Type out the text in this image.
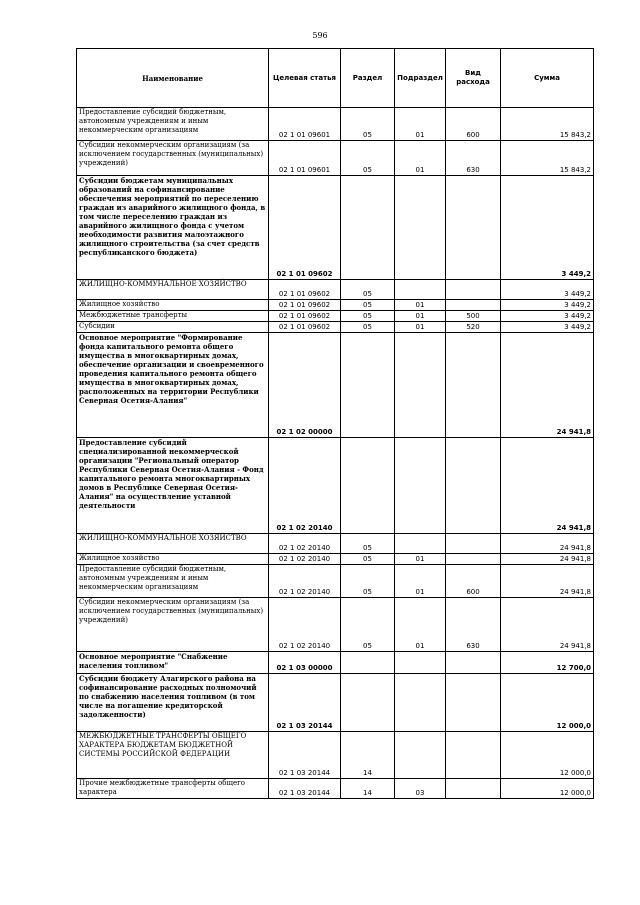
596
Наименование	Целевая статья	Раздел	Подраздел	Вид расхода	Сумма
Предоставление субсидий бюджетным, автономным учреждениям и иным некоммерческим организациям	02 1 01 09601	05	01	600	15 843,2
Субсидии некоммерческим организациям (за исключением государственных (муниципальных) учреждений)	02 1 01 09601	05	01	630	15 843,2
Субсидии бюджетам муниципальных образований на софинансирование обеспечения мероприятий по переселению граждан из аварийного жилищного фонда, в том числе переселению граждан из аварийного жилищного фонда с учетом необходимости развития малоэтажного жилищного строительства (за счет средств республиканского бюджета)	02 1 01 09602				3 449,2
ЖИЛИЩНО-КОММУНАЛЬНОЕ ХОЗЯЙСТВО	02 1 01 09602	05			3 449,2
Жилищное хозяйство	02 1 01 09602	05	01		3 449,2
Межбюджетные трансферты	02 1 01 09602	05	01	500	3 449,2
Субсидии	02 1 01 09602	05	01	520	3 449,2
Основное мероприятие "Формирование фонда капитального ремонта общего имущества в многоквартирных домах, обеспечение организации и своевременного проведения капитального ремонта общего имущества в многоквартирных домах, расположенных на территории Республики Северная Осетия-Алания"	02 1 02 00000				24 941,8
Предоставление субсидий специализированной некоммерческой организации "Региональный оператор Республики Северная Осетия-Алания - Фонд капитального ремонта многоквартирных домов в Республике Северная Осетия-Алания" на осуществление уставной деятельности	02 1 02 20140				24 941,8
ЖИЛИЩНО-КОММУНАЛЬНОЕ ХОЗЯЙСТВО	02 1 02 20140	05			24 941,8
Жилищное хозяйство	02 1 02 20140	05	01		24 941,8
Предоставление субсидий бюджетным, автономным учреждениям и иным некоммерческим организациям	02 1 02 20140	05	01	600	24 941,8
Субсидии некоммерческим организациям (за исключением государственных (муниципальных) учреждений)	02 1 02 20140	05	01	630	24 941,8
Основное мероприятие "Снабжение населения топливом"	02 1 03 00000				12 700,0
Субсидии бюджету Алагирского района на софинансирование расходных полномочий по снабжению населения топливом (в том числе на погашение кредиторской задолженности)	02 1 03 20144				12 000,0
МЕЖБЮДЖЕТНЫЕ ТРАНСФЕРТЫ ОБЩЕГО ХАРАКТЕРА БЮДЖЕТАМ БЮДЖЕТНОЙ СИСТЕМЫ РОССИЙСКОЙ ФЕДЕРАЦИИ	02 1 03 20144	14			12 000,0
Прочие межбюджетные трансферты общего характера	02 1 03 20144	14	03		12 000,0
